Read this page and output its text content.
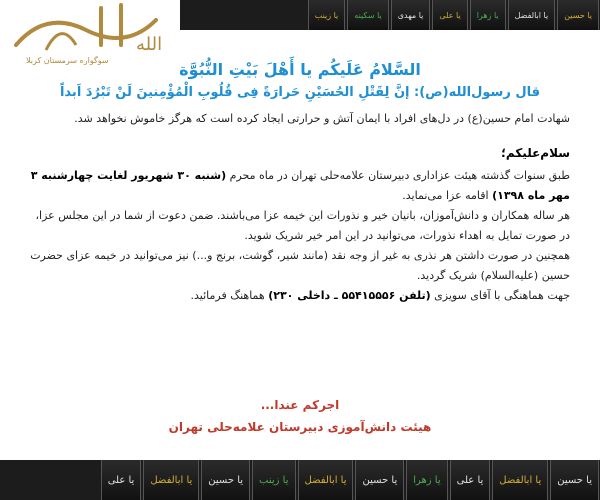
الله
سوگواره سرمستان کربلا
یا حسین
یا ابالفضل
یا زهرا
یا علی
یا مهدی
یا سکینه
یا زینب

السَّلامُ عَلَیکُم یا أَهْلَ بَیْتِ النُّبُوَّة

قال رسول‌الله(ص): إنَّ لِقَتْلِ الحُسَیْنِ حَرارَةً فِی قُلُوبِ الْمُؤْمِنینَ لَنْ تَبْرُدَ اَبداً

شهادت امام حسین(ع) در دل‌های افراد با ایمان آتش و حرارتی ایجاد کرده است که هرگز خاموش نخواهد شد.

سلام‌علیکم؛

طبق سنوات گذشته هیئت عزاداری دبیرستان علامه‌حلی تهران در ماه محرم (شنبه ۳۰ شهریور لغایت چهارشنبه ۳ مهر ماه ۱۳۹۸) اقامه عزا می‌نماید.

هر ساله همکاران و دانش‌آموزان، بانیان خیر و نذورات این خیمه عزا می‌باشند. ضمن دعوت از شما در این مجلس عزا، در صورت تمایل به اهداء نذورات، می‌توانید در این امر خیر شریک شوید.

همچنین در صورت داشتن هر نذری به غیر از وجه نقد (مانند شیر، گوشت، برنج و...) نیز می‌توانید در خیمه عزای حضرت حسین (علیه‌السلام) شریک گردید.

جهت هماهنگی با آقای سویزی (تلفن ۵۵۴۱۵۵۵۶ ـ داخلی ۲۳۰) هماهنگ فرمائید.

اجرکم عندا...
هیئت دانش‌آموزی دبیرستان علامه‌حلی تهران
یا حسین
یا ابالفضل
یا علی
یا زهرا
یا حسین
یا ابالفضل
یا زینب
یا حسین
یا ابالفضل
یا علی
